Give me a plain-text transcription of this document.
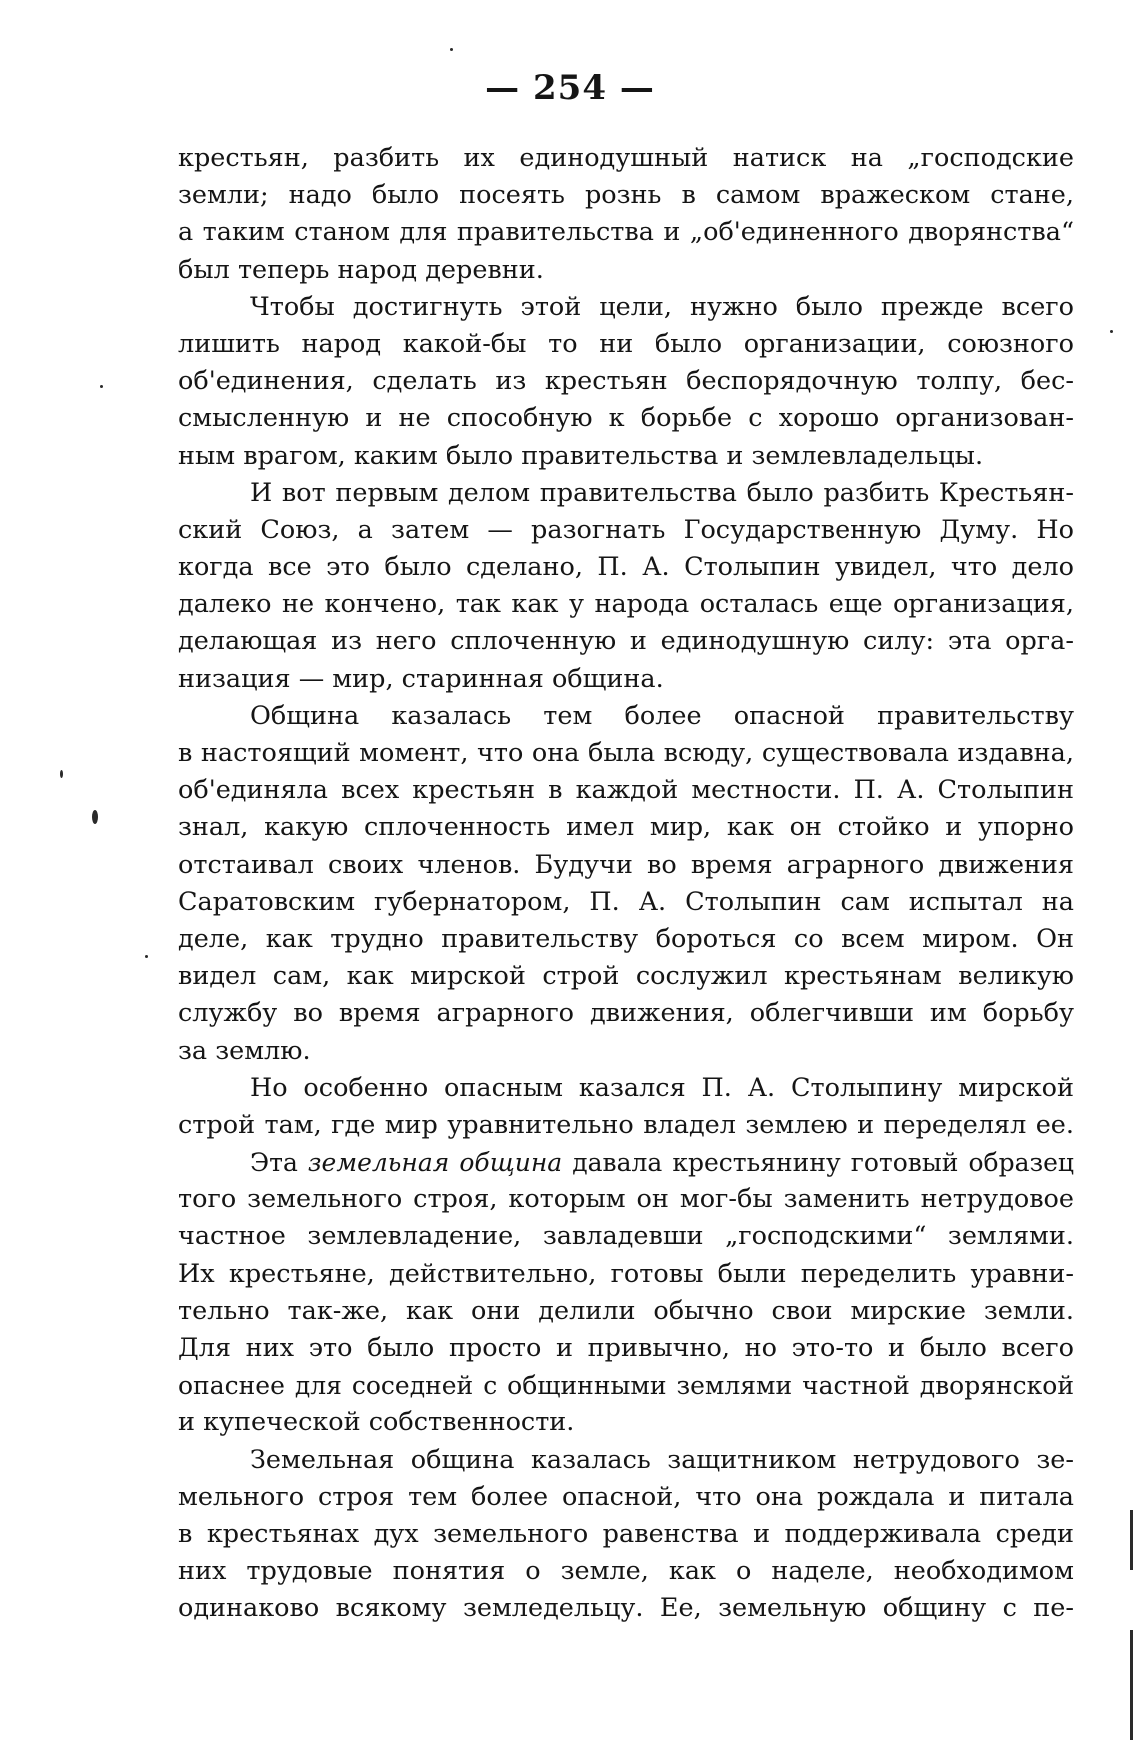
— 254 —
крестьян, разбить их единодушный натиск на „господские
земли; надо было посеять рознь в самом вражеском стане,
а таким станом для правительства и „об'единенного дворянства“
был теперь народ деревни.
Чтобы достигнуть этой цели, нужно было прежде всего
лишить народ какой-бы то ни было организации, союзного
об'единения, сделать из крестьян беспорядочную толпу, бес-
смысленную и не способную к борьбе с хорошо организован-
ным врагом, каким было правительства и землевладельцы.
И вот первым делом правительства было разбить Крестьян-
ский Союз, а затем — разогнать Государственную Думу. Но
когда все это было сделано, П. А. Столыпин увидел, что дело
далеко не кончено, так как у народа осталась еще организация,
делающая из него сплоченную и единодушную силу: эта орга-
низация — мир, старинная община.
Община казалась тем более опасной правительству
в настоящий момент, что она была всюду, существовала издавна,
об'единяла всех крестьян в каждой местности. П. А. Столыпин
знал, какую сплоченность имел мир, как он стойко и упорно
отстаивал своих членов. Будучи во время аграрного движения
Саратовским губернатором, П. А. Столыпин сам испытал на
деле, как трудно правительству бороться со всем миром. Он
видел сам, как мирской строй сослужил крестьянам великую
службу во время аграрного движения, облегчивши им борьбу
за землю.
Но особенно опасным казался П. А. Столыпину мирской
строй там, где мир уравнительно владел землею и переделял ее.
Эта земельная община давала крестьянину готовый образец
того земельного строя, которым он мог-бы заменить нетрудовое
частное землевладение, завладевши „господскими“ землями.
Их крестьяне, действительно, готовы были переделить уравни-
тельно так-же, как они делили обычно свои мирские земли.
Для них это было просто и привычно, но это-то и было всего
опаснее для соседней с общинными землями частной дворянской
и купеческой собственности.
Земельная община казалась защитником нетрудового зе-
мельного строя тем более опасной, что она рождала и питала
в крестьянах дух земельного равенства и поддерживала среди
них трудовые понятия о земле, как о наделе, необходимом
одинаково всякому земледельцу. Ее, земельную общину с пе-
